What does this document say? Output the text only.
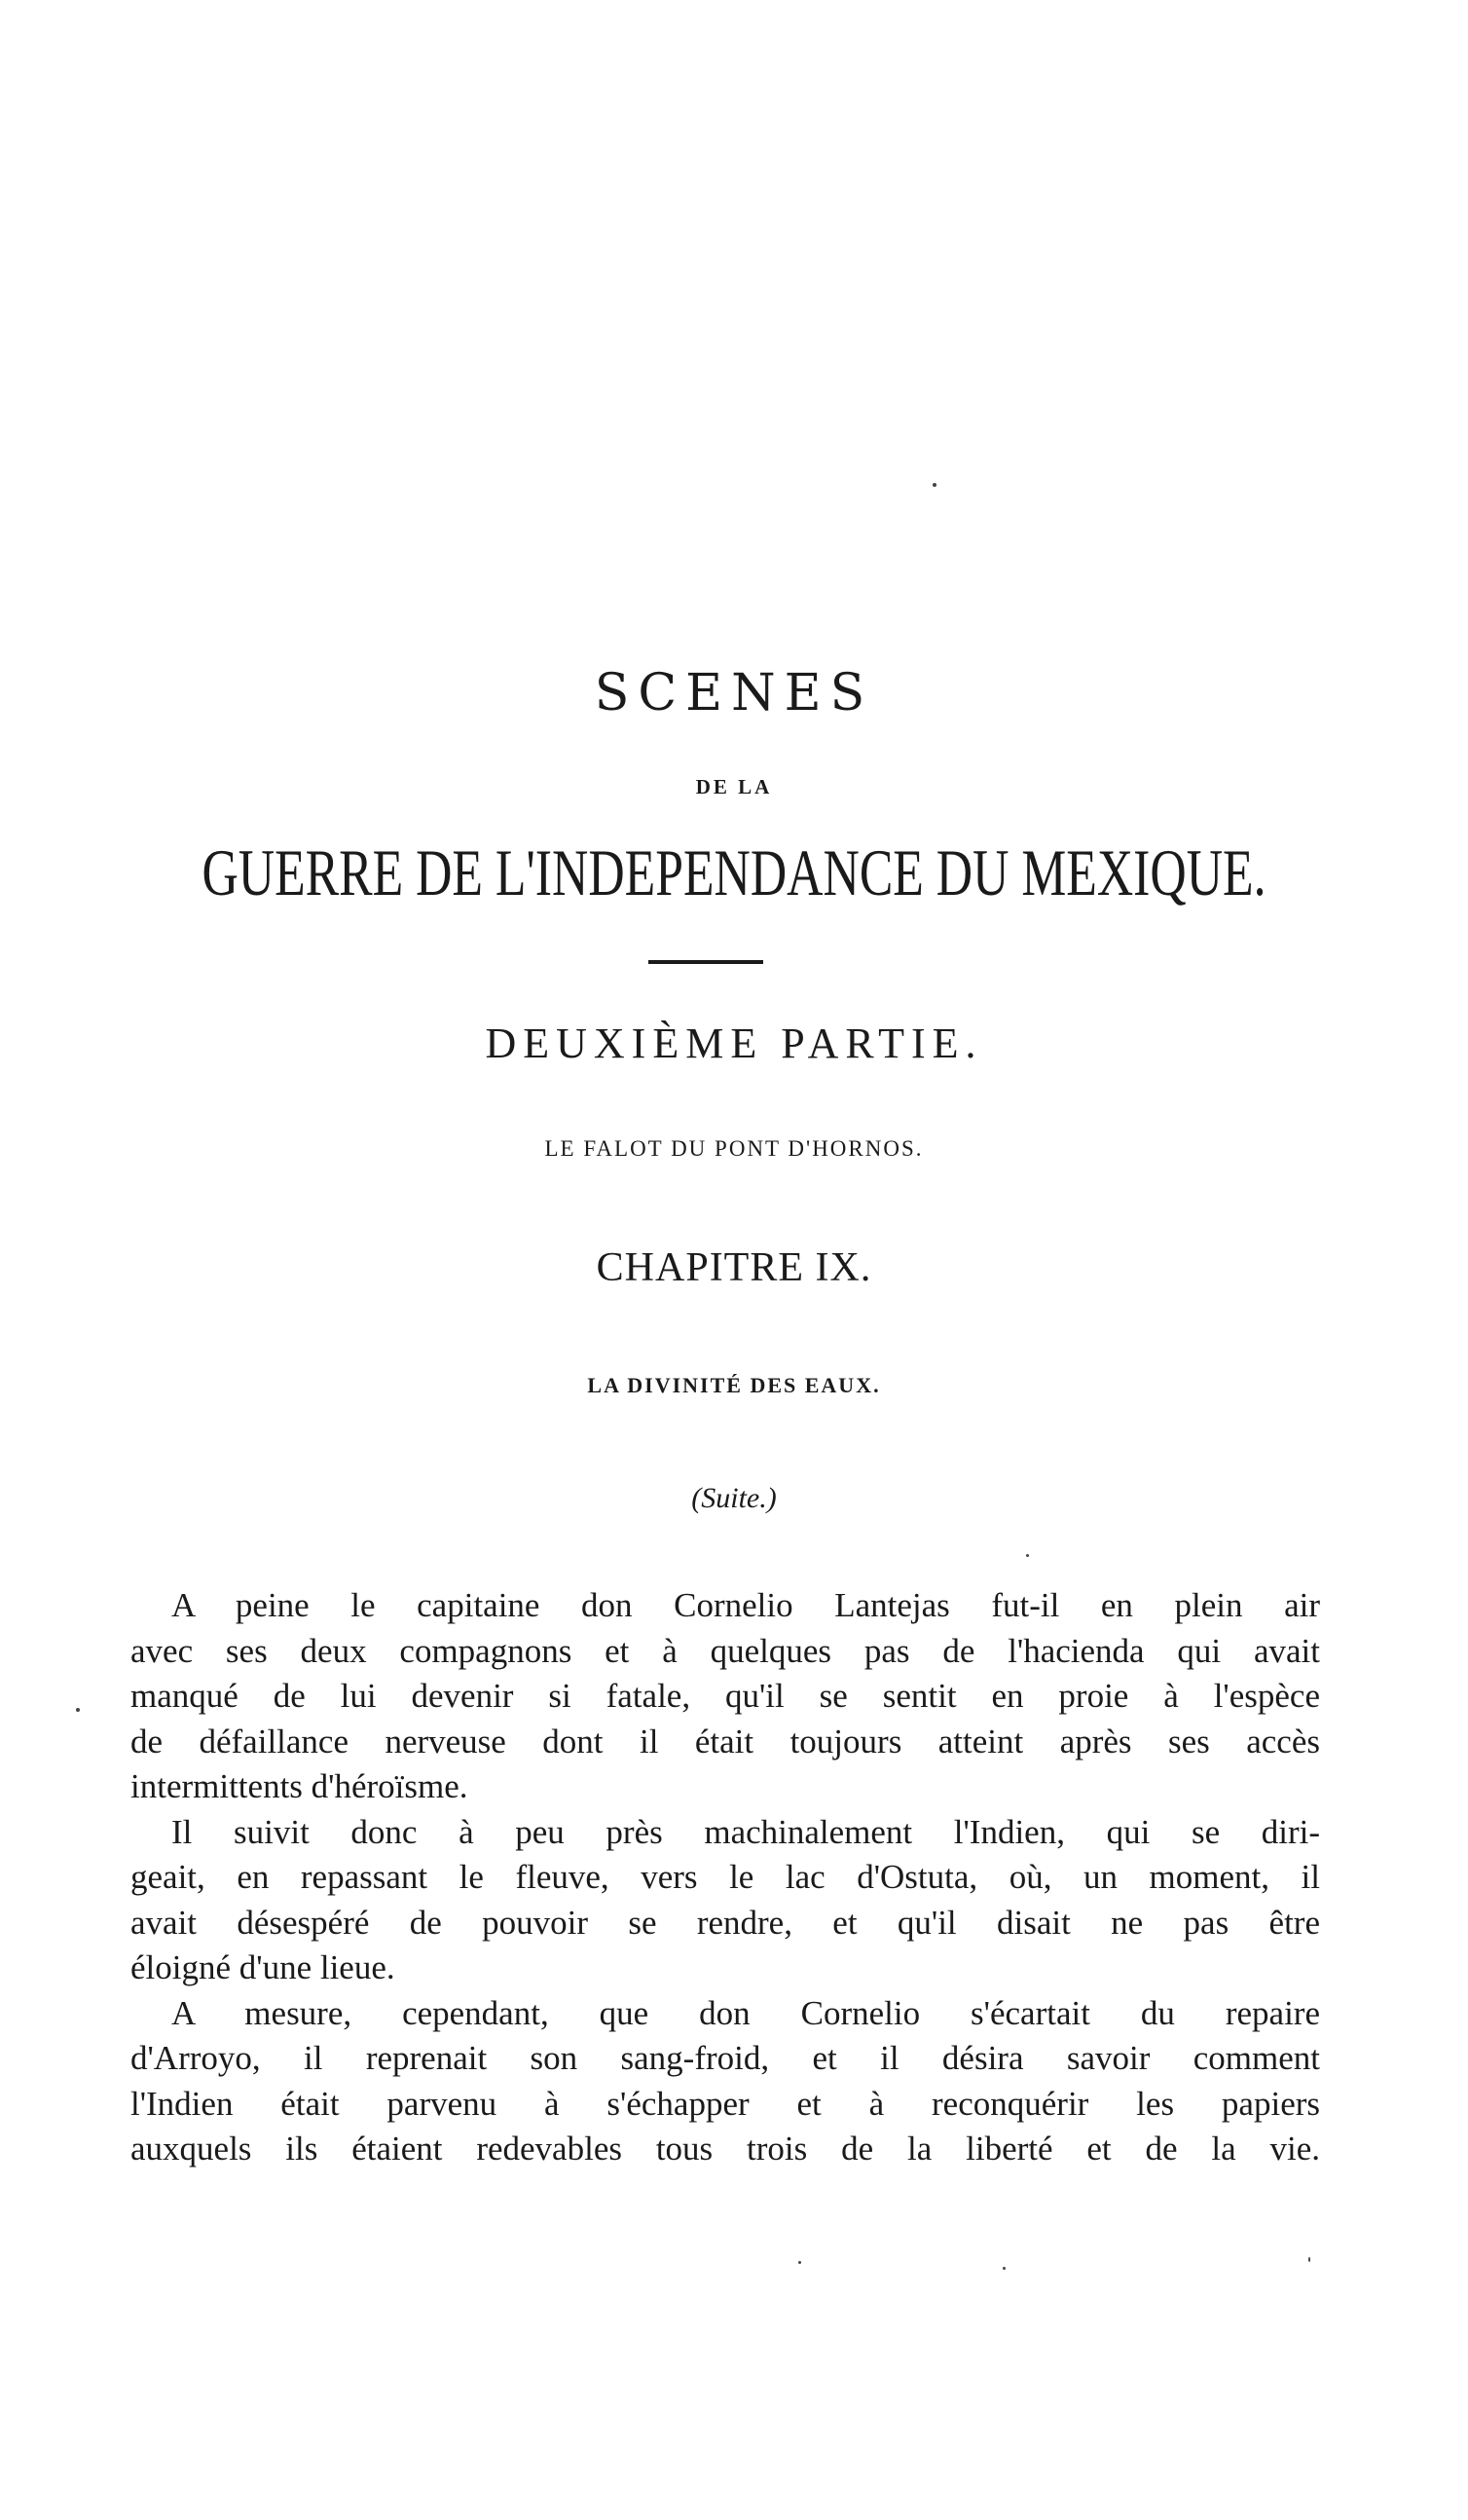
SCENES
DE LA
GUERRE DE L'INDEPENDANCE DU MEXIQUE.
DEUXIÈME PARTIE.
LE FALOT DU PONT D'HORNOS.
CHAPITRE IX.
LA DIVINITÉ DES EAUX.
(Suite.)
A peine le capitaine don Cornelio Lantejas fut-il en plein air
avec ses deux compagnons et à quelques pas de l'hacienda qui avait
manqué de lui devenir si fatale, qu'il se sentit en proie à l'espèce
de défaillance nerveuse dont il était toujours atteint après ses accès
intermittents d'héroïsme.
Il suivit donc à peu près machinalement l'Indien, qui se diri-
geait, en repassant le fleuve, vers le lac d'Ostuta, où, un moment, il
avait désespéré de pouvoir se rendre, et qu'il disait ne pas être
éloigné d'une lieue.
A mesure, cependant, que don Cornelio s'écartait du repaire
d'Arroyo, il reprenait son sang-froid, et il désira savoir comment
l'Indien était parvenu à s'échapper et à reconquérir les papiers
auxquels ils étaient redevables tous trois de la liberté et de la vie.
